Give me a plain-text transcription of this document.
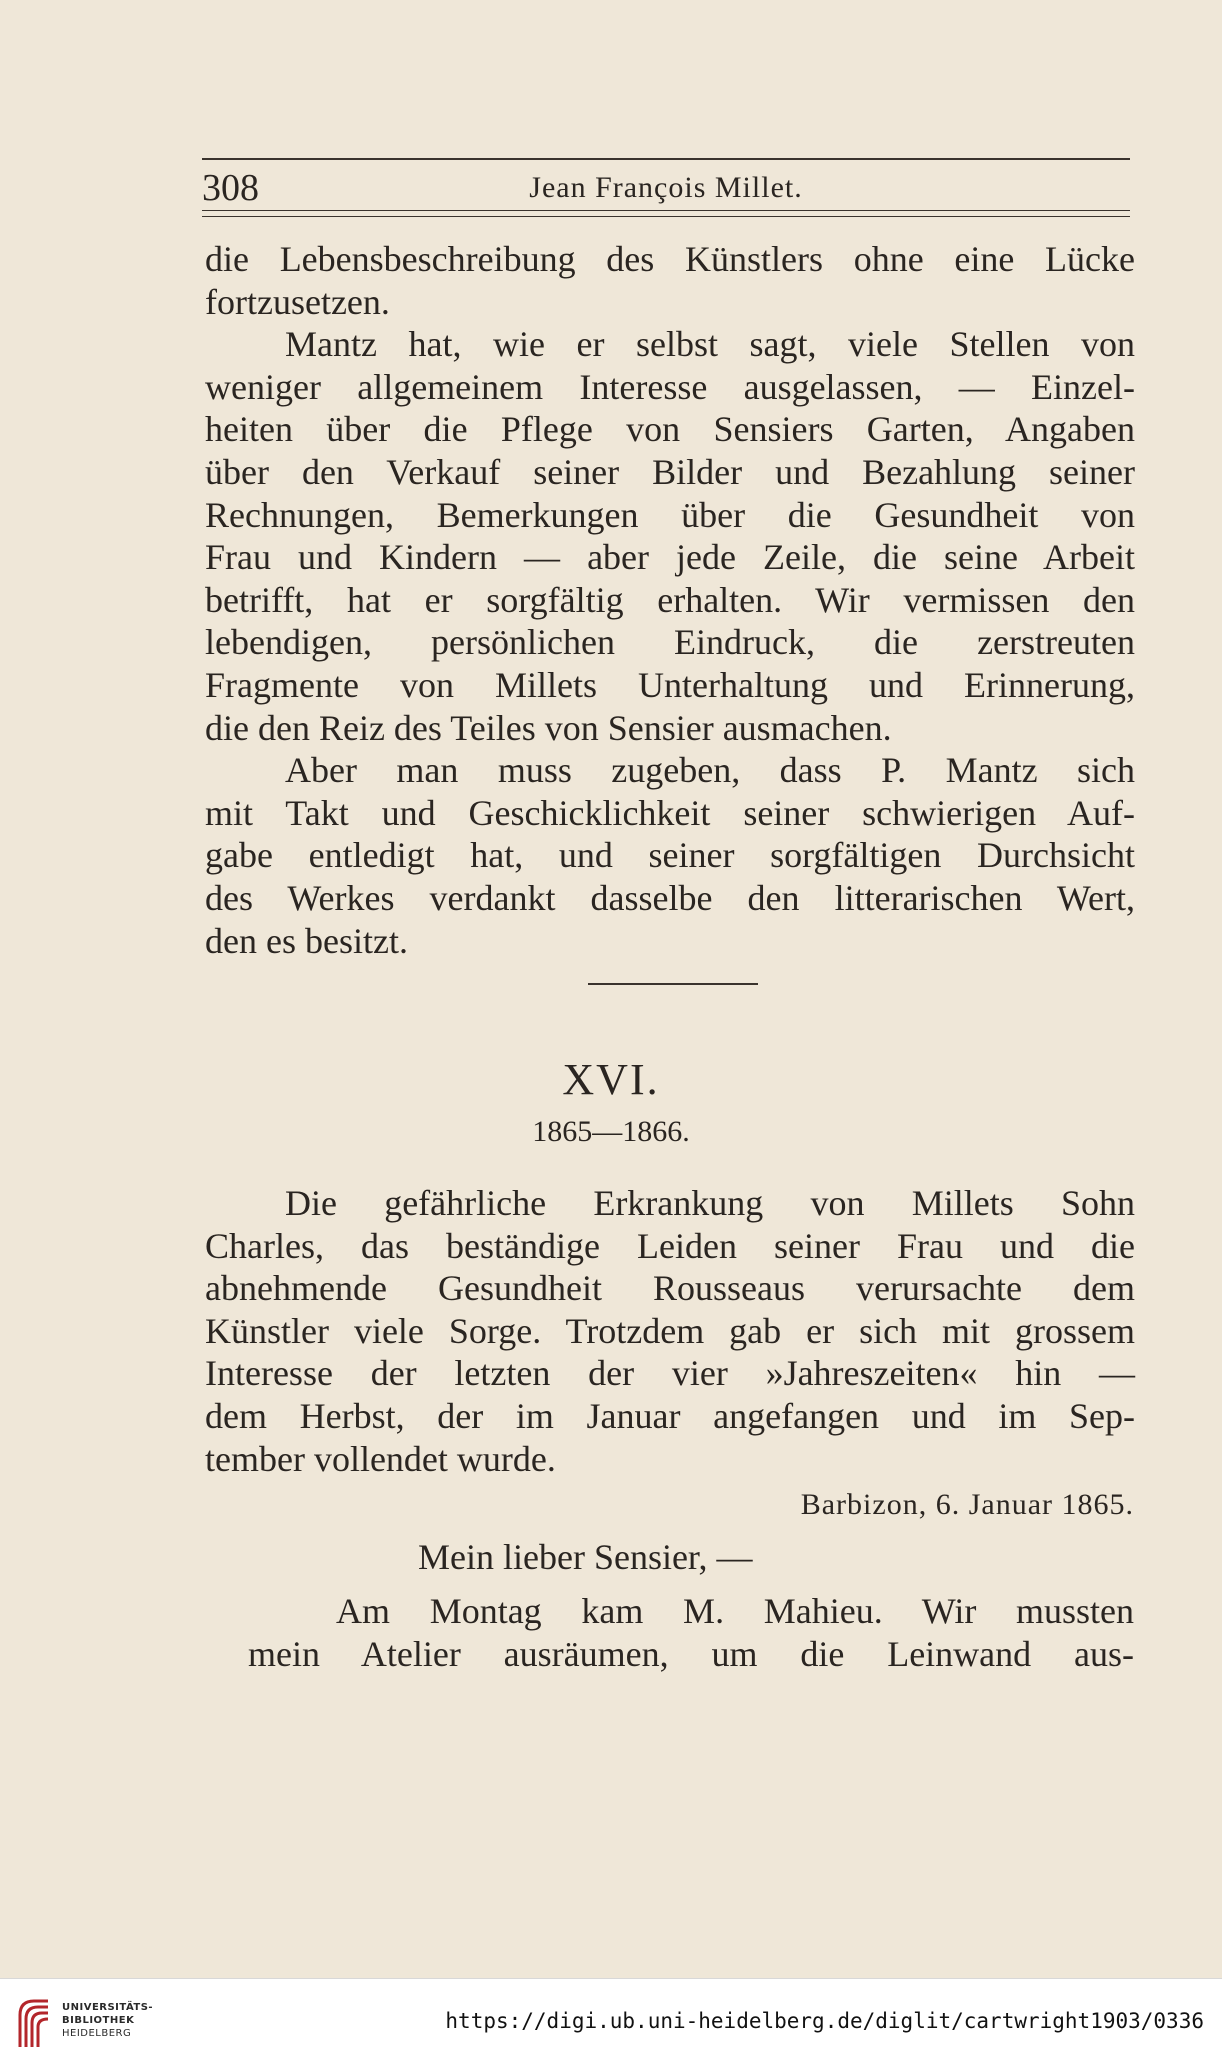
308	Jean François Millet.
die Lebensbeschreibung des Künstlers ohne eine Lücke
fortzusetzen.
Mantz hat, wie er selbst sagt, viele Stellen von
weniger allgemeinem Interesse ausgelassen, — Einzel-
heiten über die Pflege von Sensiers Garten, Angaben
über den Verkauf seiner Bilder und Bezahlung seiner
Rechnungen, Bemerkungen über die Gesundheit von
Frau und Kindern — aber jede Zeile, die seine Arbeit
betrifft, hat er sorgfältig erhalten. Wir vermissen den
lebendigen, persönlichen Eindruck, die zerstreuten
Fragmente von Millets Unterhaltung und Erinnerung,
die den Reiz des Teiles von Sensier ausmachen.
Aber man muss zugeben, dass P. Mantz sich
mit Takt und Geschicklichkeit seiner schwierigen Auf-
gabe entledigt hat, und seiner sorgfältigen Durchsicht
des Werkes verdankt dasselbe den litterarischen Wert,
den es besitzt.
XVI.
1865—1866.
Die gefährliche Erkrankung von Millets Sohn
Charles, das beständige Leiden seiner Frau und die
abnehmende Gesundheit Rousseaus verursachte dem
Künstler viele Sorge. Trotzdem gab er sich mit grossem
Interesse der letzten der vier »Jahreszeiten« hin —
dem Herbst, der im Januar angefangen und im Sep-
tember vollendet wurde.
Barbizon, 6. Januar 1865.
Mein lieber Sensier, —
Am Montag kam M. Mahieu. Wir mussten
mein Atelier ausräumen, um die Leinwand aus-
UNIVERSITÄTS-
BIBLIOTHEK
HEIDELBERG
https://digi.ub.uni-heidelberg.de/diglit/cartwright1903/0336
